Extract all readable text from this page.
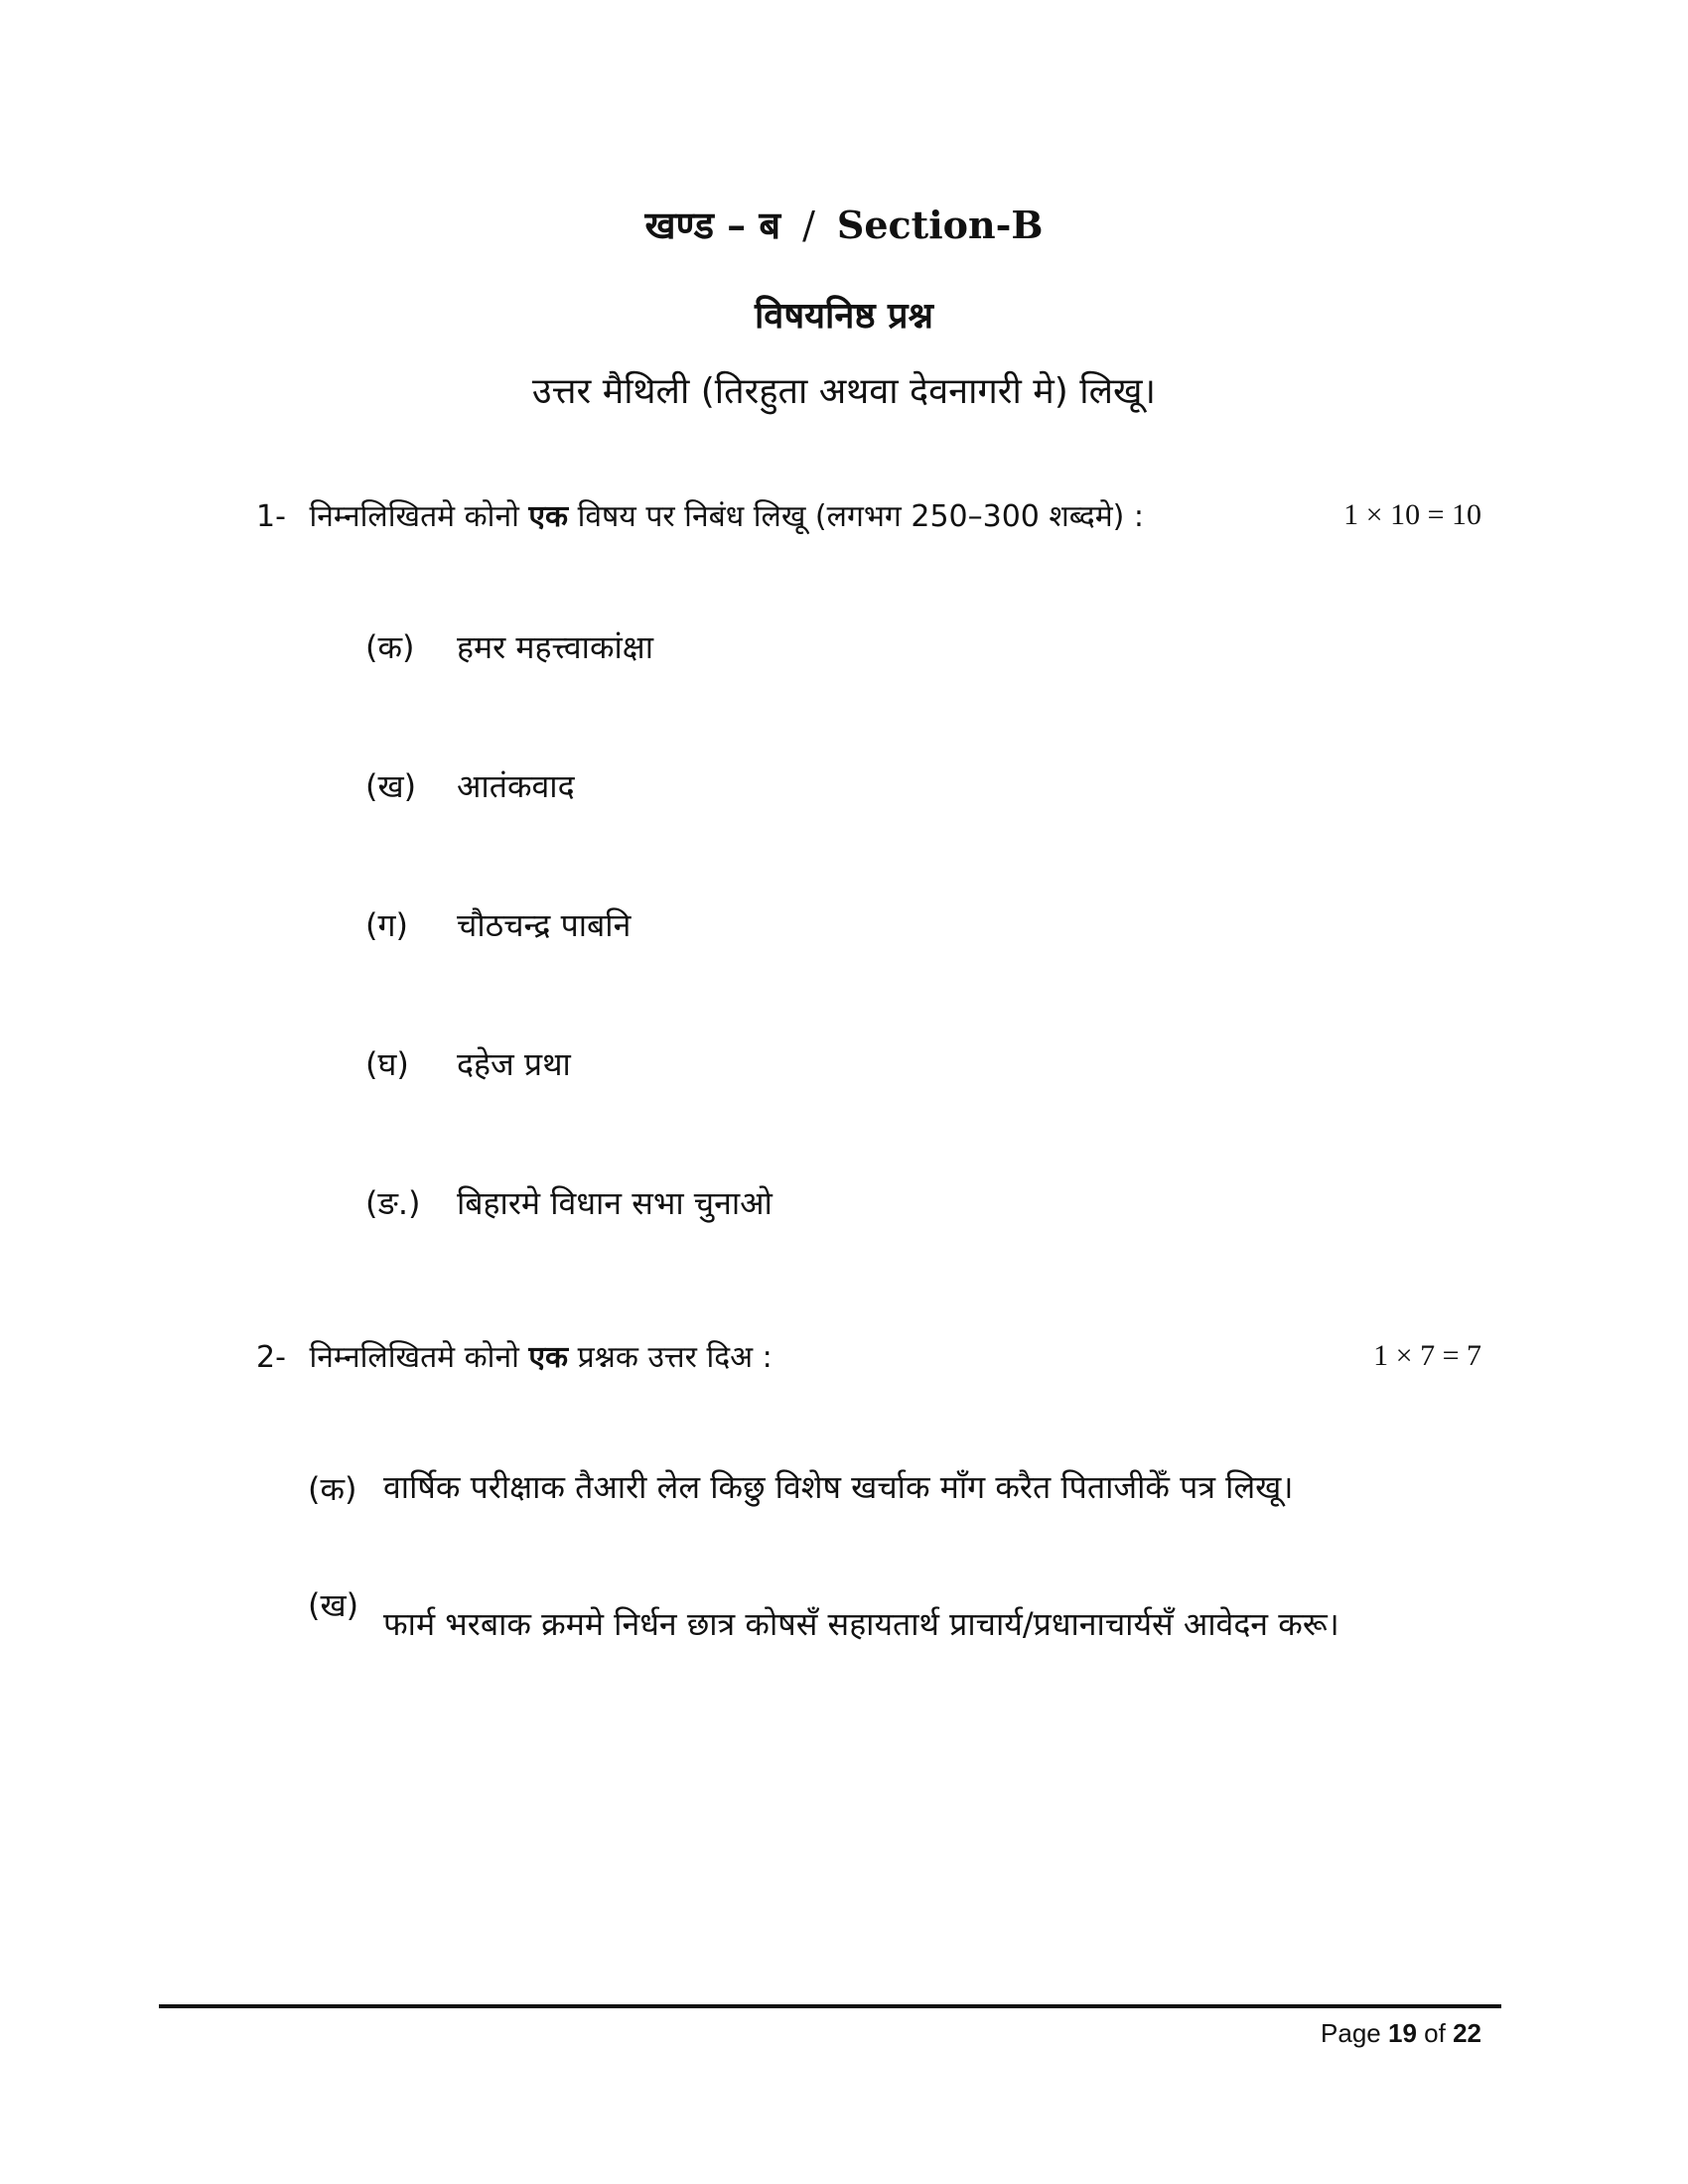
खण्ड – ब / Section-B
विषयनिष्ठ प्रश्न
उत्तर मैथिली (तिरहुता अथवा देवनागरी मे) लिखू।
1- निम्नलिखितमे कोनो एक विषय पर निबंध लिखू (लगभग 250–300 शब्दमे) :	1 × 10 = 10
(क) हमर महत्त्वाकांक्षा
(ख) आतंकवाद
(ग) चौठचन्द्र पाबनि
(घ) दहेज प्रथा
(ङ.) बिहारमे विधान सभा चुनाओ
2- निम्नलिखितमे कोनो एक प्रश्नक उत्तर दिअ :	1 × 7 = 7
(क) वार्षिक परीक्षाक तैआरी लेल किछु विशेष खर्चाक माँग करैत पिताजीकेँ पत्र लिखू।
(ख) फार्म भरबाक क्रममे निर्धन छात्र कोषसँ सहायतार्थ प्राचार्य/प्रधानाचार्यसँ आवेदन करू।
Page 19 of 22
